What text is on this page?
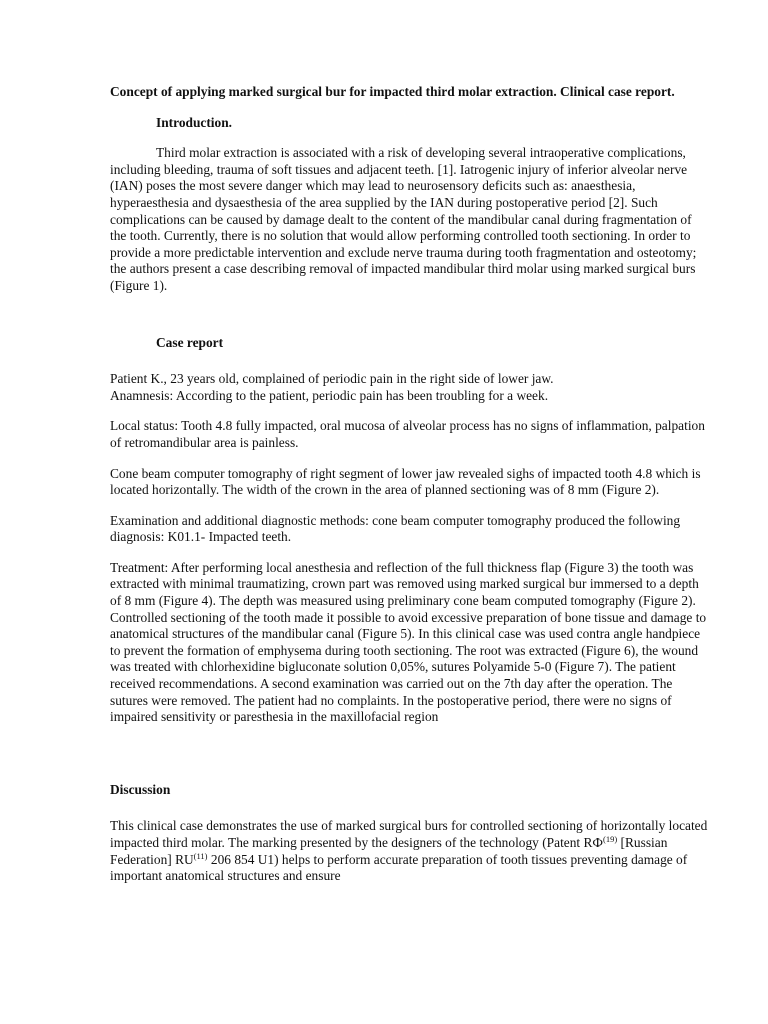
Concept of applying marked surgical bur for impacted third molar extraction. Clinical case report.

Introduction.

Third molar extraction is associated with a risk of developing several intraoperative complications, including bleeding, trauma of soft tissues and adjacent teeth. [1]. Iatrogenic injury of inferior alveolar nerve (IAN) poses the most severe danger which may lead to neurosensory deficits such as: anaesthesia, hyperaesthesia and dysaesthesia of the area supplied by the IAN during postoperative period [2]. Such complications can be caused by damage dealt to the content of the mandibular canal during fragmentation of the tooth. Currently, there is no solution that would allow performing controlled tooth sectioning. In order to provide a more predictable intervention and exclude nerve trauma during tooth fragmentation and osteotomy; the authors present a case describing removal of impacted mandibular third molar using marked surgical burs (Figure 1).

Case report

Patient K., 23 years old, complained of periodic pain in the right side of lower jaw.

Anamnesis: According to the patient, periodic pain has been troubling for a week.

Local status: Tooth 4.8 fully impacted, oral mucosa of alveolar process has no signs of inflammation, palpation of retromandibular area is painless.

Cone beam computer tomography of right segment of lower jaw revealed sighs of impacted tooth 4.8 which is located horizontally. The width of the crown in the area of planned sectioning was of 8 mm (Figure 2).

Examination and additional diagnostic methods: cone beam computer tomography produced the following diagnosis: K01.1- Impacted teeth.

Treatment: After performing local anesthesia and reflection of the full thickness flap (Figure 3) the tooth was extracted with minimal traumatizing, crown part was removed using marked surgical bur immersed to a depth of 8 mm (Figure 4). The depth was measured using preliminary cone beam computed tomography (Figure 2). Controlled sectioning of the tooth made it possible to avoid excessive preparation of bone tissue and damage to anatomical structures of the mandibular canal (Figure 5). In this clinical case was used contra angle handpiece to prevent the formation of emphysema during tooth sectioning. The root was extracted (Figure 6), the wound was treated with chlorhexidine bigluconate solution 0,05%, sutures Polyamide 5-0 (Figure 7). The patient received recommendations. A second examination was carried out on the 7th day after the operation. The sutures were removed. The patient had no complaints. In the postoperative period, there were no signs of impaired sensitivity or paresthesia in the maxillofacial region

Discussion

This clinical case demonstrates the use of marked surgical burs for controlled sectioning of horizontally located impacted third molar. The marking presented by the designers of the technology (Patent RФ$^{(19)}$ [Russian Federation] RU$^{(11)}$ 206 854 U1) helps to perform accurate preparation of tooth tissues preventing damage of important anatomical structures and ensure
